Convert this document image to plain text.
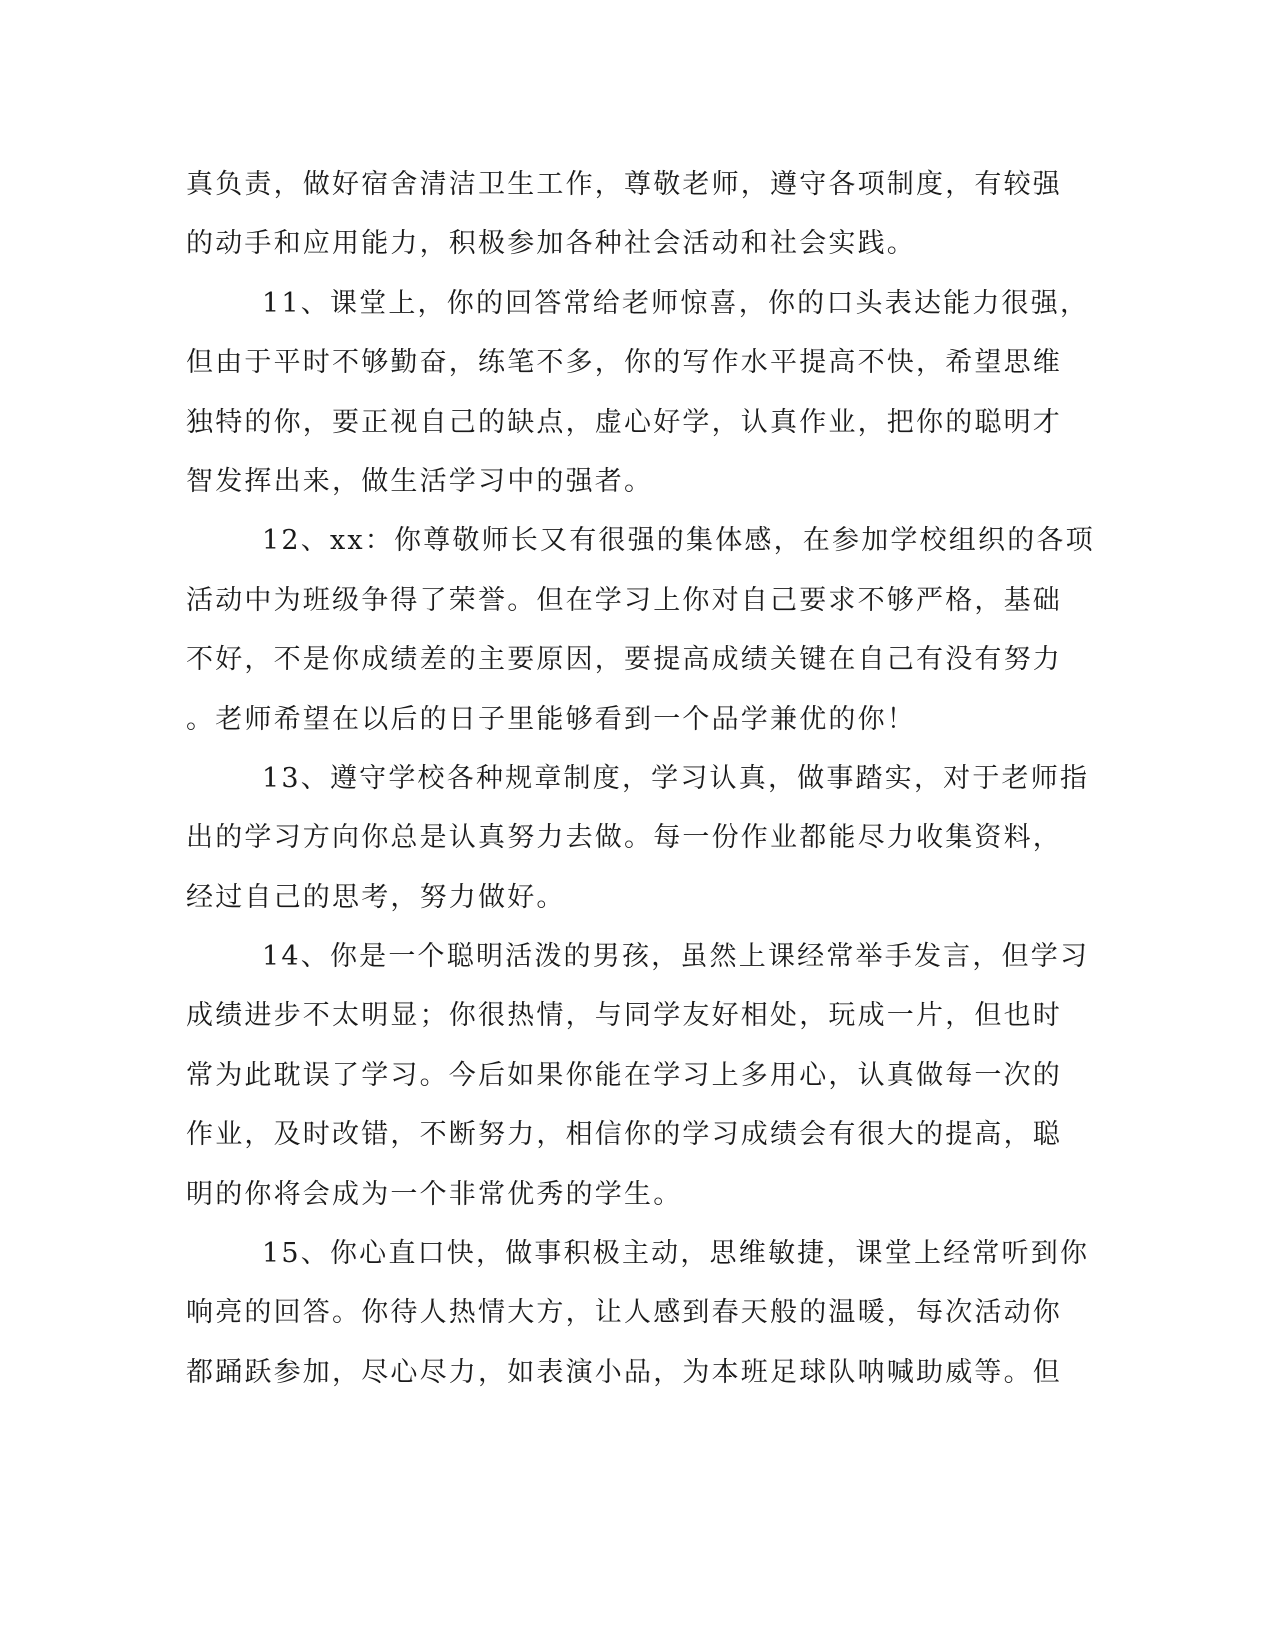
真负责，做好宿舍清洁卫生工作，尊敬老师，遵守各项制度，有较强
的动手和应用能力，积极参加各种社会活动和社会实践。
11、课堂上，你的回答常给老师惊喜，你的口头表达能力很强，
但由于平时不够勤奋，练笔不多，你的写作水平提高不快，希望思维
独特的你，要正视自己的缺点，虚心好学，认真作业，把你的聪明才
智发挥出来，做生活学习中的强者。
12、xx：你尊敬师长又有很强的集体感，在参加学校组织的各项
活动中为班级争得了荣誉。但在学习上你对自己要求不够严格，基础
不好，不是你成绩差的主要原因，要提高成绩关键在自己有没有努力
。老师希望在以后的日子里能够看到一个品学兼优的你！
13、遵守学校各种规章制度，学习认真，做事踏实，对于老师指
出的学习方向你总是认真努力去做。每一份作业都能尽力收集资料，
经过自己的思考，努力做好。
14、你是一个聪明活泼的男孩，虽然上课经常举手发言，但学习
成绩进步不太明显；你很热情，与同学友好相处，玩成一片，但也时
常为此耽误了学习。今后如果你能在学习上多用心，认真做每一次的
作业，及时改错，不断努力，相信你的学习成绩会有很大的提高，聪
明的你将会成为一个非常优秀的学生。
15、你心直口快，做事积极主动，思维敏捷，课堂上经常听到你
响亮的回答。你待人热情大方，让人感到春天般的温暖，每次活动你
都踊跃参加，尽心尽力，如表演小品，为本班足球队呐喊助威等。但
